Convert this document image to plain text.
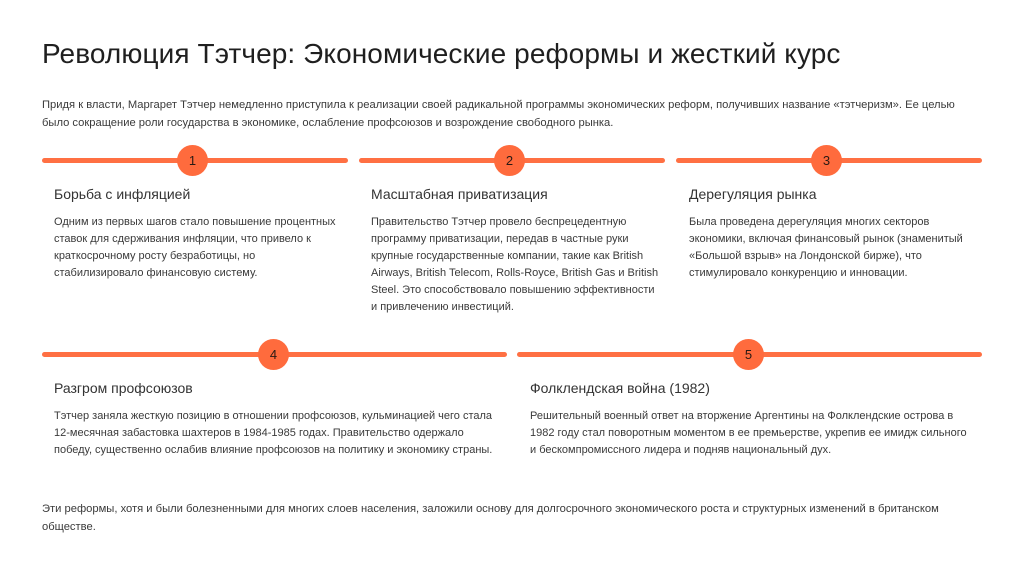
Революция Тэтчер: Экономические реформы и жесткий курс

Придя к власти, Маргарет Тэтчер немедленно приступила к реализации своей радикальной программы экономических реформ, получивших название «тэтчеризм». Ее целью было сокращение роли государства в экономике, ослабление профсоюзов и возрождение свободного рынка.

1
Борьба с инфляцией

Одним из первых шагов стало повышение процентных ставок для сдерживания инфляции, что привело к краткосрочному росту безработицы, но стабилизировало финансовую систему.

2
Масштабная приватизация

Правительство Тэтчер провело беспрецедентную программу приватизации, передав в частные руки крупные государственные компании, такие как British Airways, British Telecom, Rolls-Royce, British Gas и British Steel. Это способствовало повышению эффективности и привлечению инвестиций.

3
Дерегуляция рынка

Была проведена дерегуляция многих секторов экономики, включая финансовый рынок (знаменитый «Большой взрыв» на Лондонской бирже), что стимулировало конкуренцию и инновации.

4
Разгром профсоюзов

Тэтчер заняла жесткую позицию в отношении профсоюзов, кульминацией чего стала 12-месячная забастовка шахтеров в 1984-1985 годах. Правительство одержало победу, существенно ослабив влияние профсоюзов на политику и экономику страны.

5
Фолклендская война (1982)

Решительный военный ответ на вторжение Аргентины на Фолклендские острова в 1982 году стал поворотным моментом в ее премьерстве, укрепив ее имидж сильного и бескомпромиссного лидера и подняв национальный дух.

Эти реформы, хотя и были болезненными для многих слоев населения, заложили основу для долгосрочного экономического роста и структурных изменений в британском обществе.
